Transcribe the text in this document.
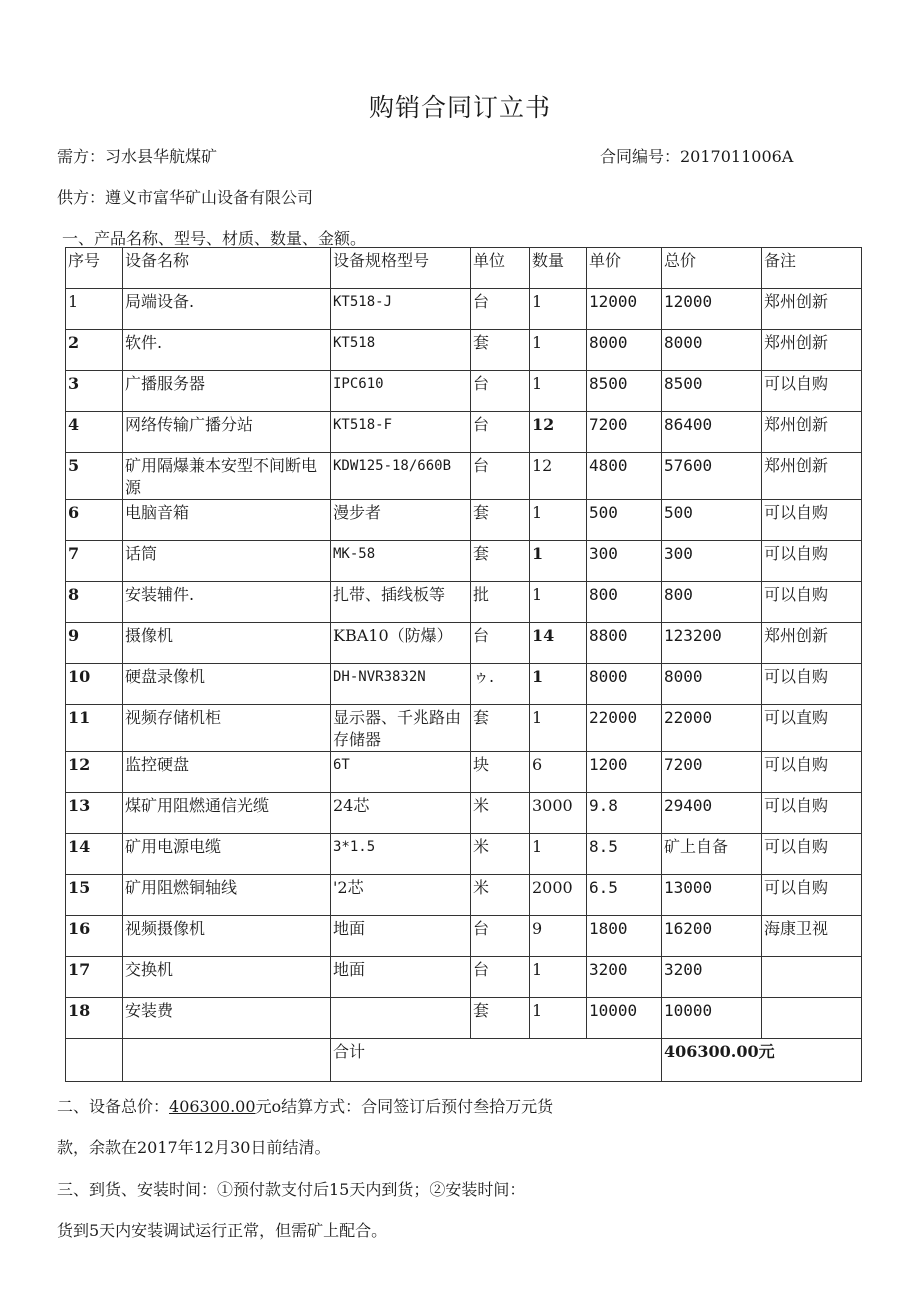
购销合同订立书
需方：习水县华航煤矿	合同编号：2017011006A
供方：遵义市富华矿山设备有限公司
一、产品名称、型号、材质、数量、金额。
序号	设备名称	设备规格型号	单位	数量	单价	总价	备注
1	局端设备.	KT518-J	台	1	12000	12000	郑州创新
2	软件.	KT518	套	1	8000	8000	郑州创新
3	广播服务器	IPC610	台	1	8500	8500	可以自购
4	网络传输广播分站	KT518-F	台	12	7200	86400	郑州创新
5	矿用隔爆兼本安型不间断电源	KDW125-18/660B	台	12	4800	57600	郑州创新
6	电脑音箱	漫步者	套	1	500	500	可以自购
7	话筒	MK-58	套	1	300	300	可以自购
8	安装辅件.	扎带、插线板等	批	1	800	800	可以自购
9	摄像机	KBA10（防爆）	台	14	8800	123200	郑州创新
10	硬盘录像机	DH-NVR3832N	ゥ.	1	8000	8000	可以自购
11	视频存储机柜	显示器、千兆路由存储器	套	1	22000	22000	可以直购
12	监控硬盘	6T	块	6	1200	7200	可以自购
13	煤矿用阻燃通信光缆	24芯	米	3000	9.8	29400	可以自购
14	矿用电源电缆	3*1.5	米	1	8.5	矿上自备	可以自购
15	矿用阻燃铜轴线	'2芯	米	2000	6.5	13000	可以自购
16	视频摄像机	地面	台	9	1800	16200	海康卫视
17	交换机	地面	台	1	3200	3200	
18	安装费		套	1	10000	10000	
		合计				406300.00元	
二、设备总价：406300.00元ο结算方式：合同签订后预付叁拾万元货
款，余款在2017年12月30日前结清。
三、到货、安装时间：①预付款支付后15天内到货；②安装时间：
货到5天内安装调试运行正常，但需矿上配合。
